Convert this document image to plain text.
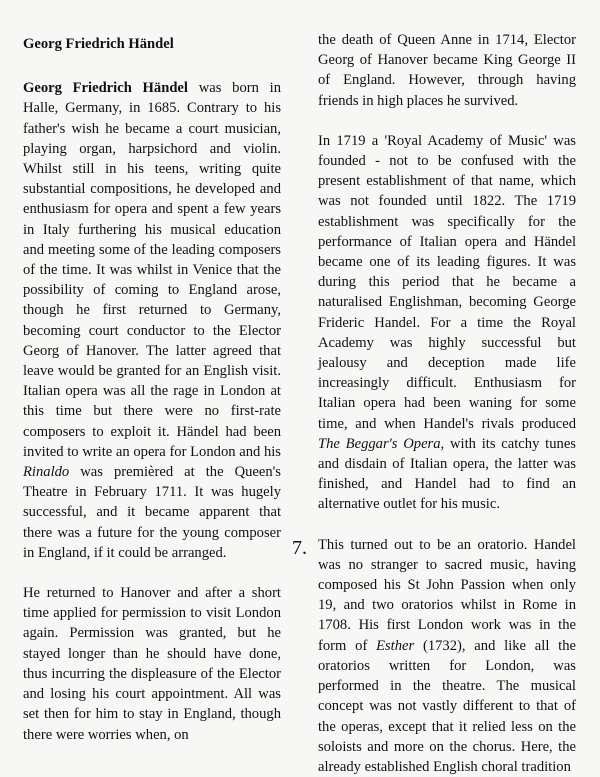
Georg Friedrich Händel

Georg Friedrich Händel was born in Halle, Germany, in 1685. Contrary to his father's wish he became a court musician, playing organ, harpsichord and violin. Whilst still in his teens, writing quite substantial compositions, he developed and enthusiasm for opera and spent a few years in Italy furthering his musical education and meeting some of the leading composers of the time. It was whilst in Venice that the possibility of coming to England arose, though he first returned to Germany, becoming court conductor to the Elector Georg of Hanover. The latter agreed that leave would be granted for an English visit. Italian opera was all the rage in London at this time but there were no first-rate composers to exploit it. Händel had been invited to write an opera for London and his Rinaldo was premièred at the Queen's Theatre in February 1711. It was hugely successful, and it became apparent that there was a future for the young composer in England, if it could be arranged.

He returned to Hanover and after a short time applied for permission to visit London again. Permission was granted, but he stayed longer than he should have done, thus incurring the displeasure of the Elector and losing his court appointment. All was set then for him to stay in England, though there were worries when, on

the death of Queen Anne in 1714, Elector Georg of Hanover became King George II of England. However, through having friends in high places he survived.

In 1719 a 'Royal Academy of Music' was founded - not to be confused with the present establishment of that name, which was not founded until 1822. The 1719 establishment was specifically for the performance of Italian opera and Händel became one of its leading figures. It was during this period that he became a naturalised Englishman, becoming George Frideric Handel. For a time the Royal Academy was highly successful but jealousy and deception made life increasingly difficult. Enthusiasm for Italian opera had been waning for some time, and when Handel's rivals produced The Beggar's Opera, with its catchy tunes and disdain of Italian opera, the latter was finished, and Handel had to find an alternative outlet for his music.

This turned out to be an oratorio. Handel was no stranger to sacred music, having composed his St John Passion when only 19, and two oratorios whilst in Rome in 1708. His first London work was in the form of Esther (1732), and like all the oratorios written for London, was performed in the theatre. The musical concept was not vastly different to that of the operas, except that it relied less on the soloists and more on the chorus. Here, the already established English choral tradition

7.
